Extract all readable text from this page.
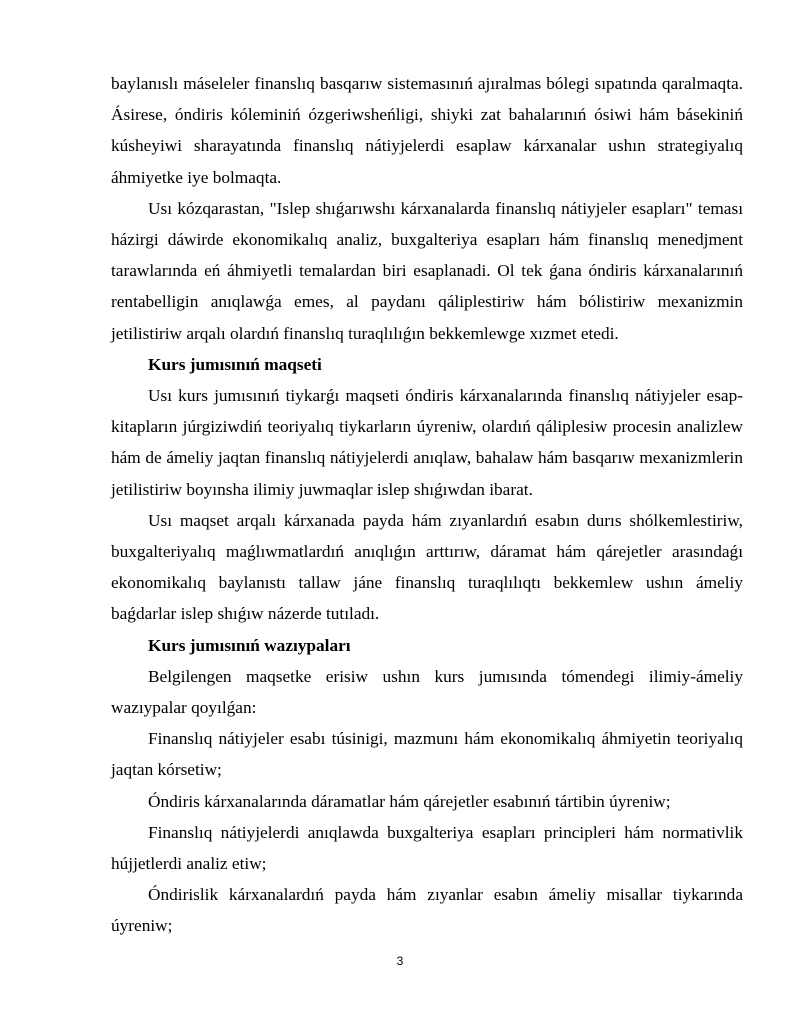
baylanıslı máseleler finanslıq basqarıw sistemasınıń ajıralmas bólegi sıpatında qaralmaqta. Ásirese, óndiris kóleminiń ózgeriwsheńligi, shiyki zat bahalarınıń ósiwi hám básekiniń kúsheyiwi sharayatında finanslıq nátiyjelerdi esaplaw kárxanalar ushın strategiyalıq áhmiyetke iye bolmaqta.

Usı kózqarastan, "Islep shıǵarıwshı kárxanalarda finanslıq nátiyjeler esapları" teması házirgi dáwirde ekonomikalıq analiz, buxgalteriya esapları hám finanslıq menedjment tarawlarında eń áhmiyetli temalardan biri esaplanadi. Ol tek ǵana óndiris kárxanalarınıń rentabelligin anıqlawǵa emes, al paydanı qáliplestiriw hám bólistiriw mexanizmin jetilistiriw arqalı olardıń finanslıq turaqlılıǵın bekkemlewge xızmet etedi.

Kurs jumısınıń maqseti

Usı kurs jumısınıń tiykarǵı maqseti óndiris kárxanalarında finanslıq nátiyjeler esap-kitapların júrgiziwdiń teoriyalıq tiykarların úyreniw, olardıń qáliplesiw procesin analizlew hám de ámeliy jaqtan finanslıq nátiyjelerdi anıqlaw, bahalaw hám basqarıw mexanizmlerin jetilistiriw boyınsha ilimiy juwmaqlar islep shıǵıwdan ibarat.

Usı maqset arqalı kárxanada payda hám zıyanlardıń esabın durıs shólkemlestiriw, buxgalteriyalıq maǵlıwmatlardıń anıqlıǵın arttırıw, dáramat hám qárejetler arasındaǵı ekonomikalıq baylanıstı tallaw jáne finanslıq turaqlılıqtı bekkemlew ushın ámeliy baǵdarlar islep shıǵıw názerde tutıladı.

Kurs jumısınıń wazıypaları

Belgilengen maqsetke erisiw ushın kurs jumısında tómendegi ilimiy-ámeliy wazıypalar qoyılǵan:

Finanslıq nátiyjeler esabı túsinigi, mazmunı hám ekonomikalıq áhmiyetin teoriyalıq jaqtan kórsetiw;

Óndiris kárxanalarında dáramatlar hám qárejetler esabınıń tártibin úyreniw;

Finanslıq nátiyjelerdi anıqlawda buxgalteriya esapları principleri hám normativlik hújjetlerdi analiz etiw;

Óndirislik kárxanalardıń payda hám zıyanlar esabın ámeliy misallar tiykarında úyreniw;

3
